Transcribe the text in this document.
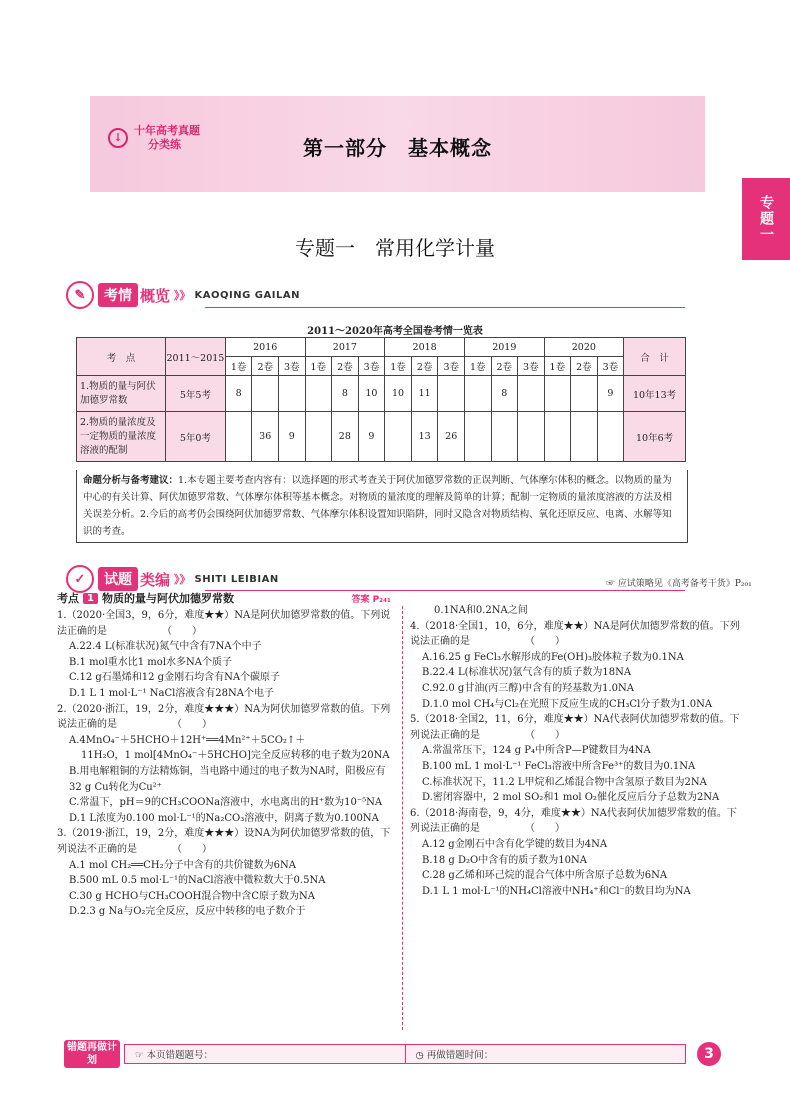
↓
十年高考真题
分类练	第一部分　基本概念
专题一
专题一　常用化学计量
✎	考情 概览 》》 KAOQING GAILAN
2011～2020年高考全国卷考情一览表
考　点	2011～2015	2016			2017			2018			2019			2020			合　计
		1卷	2卷	3卷	1卷	2卷	3卷	1卷	2卷	3卷	1卷	2卷	3卷	1卷	2卷	3卷	
1.物质的量与阿伏加德罗常数	5年5考	8				8	10	10	11			8				9	10年13考
2.物质的量浓度及一定物质的量浓度溶液的配制	5年0考		36	9		28	9		13	26							10年6考
命题分析与备考建议：1.本专题主要考查内容有：以选择题的形式考查关于阿伏加德罗常数的正误判断、气体摩尔体积的概念。以物质的量为中心的有关计算、阿伏加德罗常数、气体摩尔体积等基本概念。对物质的量浓度的理解及简单的计算；配制一定物质的量浓度溶液的方法及相关误差分析。2.今后的高考仍会围绕阿伏加德罗常数、气体摩尔体积设置知识陷阱，同时又隐含对物质结构、氧化还原反应、电离、水解等知识的考查。
✓	试题 类编 》》 SHITI LEIBIAN	☞ 应试策略见《高考备考干货》P₂₀₁
考点 1 物质的量与阿伏加德罗常数	答案 P₂₄₁
1.（2020·全国3，9，6分，难度★★）NA是阿伏加德罗常数的值。下列说法正确的是　　　　　　（　　）
A.22.4 L(标准状况)氮气中含有7NA个中子
B.1 mol重水比1 mol水多NA个质子
C.12 g石墨烯和12 g金刚石均含有NA个碳原子
D.1 L 1 mol·L⁻¹ NaCl溶液含有28NA个电子
2.（2020·浙江，19，2分，难度★★★）NA为阿伏加德罗常数的值。下列说法正确的是　　　　　　（　　）
A.4MnO₄⁻＋5HCHO＋12H⁺══4Mn²⁺＋5CO₂↑＋
11H₂O，1 mol[4MnO₄⁻＋5HCHO]完全反应转移的电子数为20NA
B.用电解粗铜的方法精炼铜，当电路中通过的电子数为NA时，阳极应有32 g Cu转化为Cu²⁺
C.常温下，pH＝9的CH₃COONa溶液中，水电离出的H⁺数为10⁻⁵NA
D.1 L浓度为0.100 mol·L⁻¹的Na₂CO₃溶液中，阴离子数为0.100NA
3.（2019·浙江，19，2分，难度★★★）设NA为阿伏加德罗常数的值，下列说法不正确的是　　　　（　　）
A.1 mol CH₂══CH₂分子中含有的共价键数为6NA
B.500 mL 0.5 mol·L⁻¹的NaCl溶液中微粒数大于0.5NA
C.30 g HCHO与CH₃COOH混合物中含C原子数为NA
D.2.3 g Na与O₂完全反应，反应中转移的电子数介于
0.1NA和0.2NA之间
4.（2018·全国1，10，6分，难度★★）NA是阿伏加德罗常数的值。下列说法正确的是　　　　　　（　　）
A.16.25 g FeCl₃水解形成的Fe(OH)₃胶体粒子数为0.1NA
B.22.4 L(标准状况)氩气含有的质子数为18NA
C.92.0 g甘油(丙三醇)中含有的羟基数为1.0NA
D.1.0 mol CH₄与Cl₂在光照下反应生成的CH₃Cl分子数为1.0NA
5.（2018·全国2，11，6分，难度★★）NA代表阿伏加德罗常数的值。下列说法正确的是　　　　　（　　）
A.常温常压下，124 g P₄中所含P—P键数目为4NA
B.100 mL 1 mol·L⁻¹ FeCl₃溶液中所含Fe³⁺的数目为0.1NA
C.标准状况下，11.2 L甲烷和乙烯混合物中含氢原子数目为2NA
D.密闭容器中，2 mol SO₂和1 mol O₂催化反应后分子总数为2NA
6.（2018·海南卷，9，4分，难度★★）NA代表阿伏加德罗常数的值。下列说法正确的是　　　　　（　　）
A.12 g金刚石中含有化学键的数目为4NA
B.18 g D₂O中含有的质子数为10NA
C.28 g乙烯和环己烷的混合气体中所含原子总数为6NA
D.1 L 1 mol·L⁻¹的NH₄Cl溶液中NH₄⁺和Cl⁻的数目均为NA
错题再做计划	☞ 本页错题题号：	◷ 再做错题时间：	3
